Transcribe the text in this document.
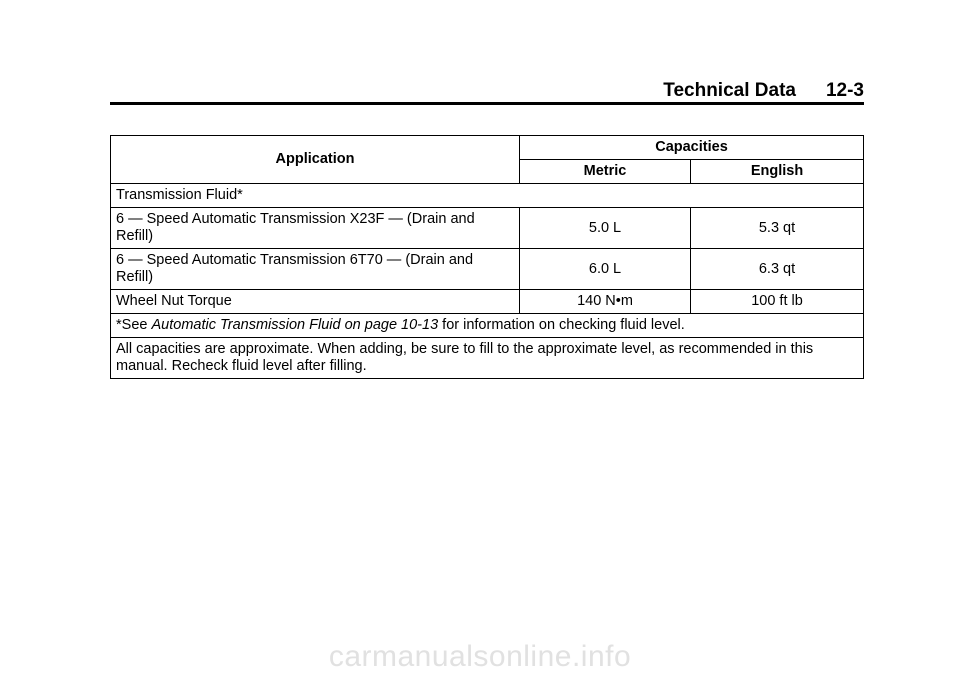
Technical Data 12-3
Application	Capacities	
	Metric	English
Transmission Fluid*		
6 — Speed Automatic Transmission X23F — (Drain and Refill)	5.0 L	5.3 qt
6 — Speed Automatic Transmission 6T70 — (Drain and Refill)	6.0 L	6.3 qt
Wheel Nut Torque	140 N•m	100 ft lb
*See Automatic Transmission Fluid on page 10-13 for information on checking fluid level.		
All capacities are approximate. When adding, be sure to fill to the approximate level, as recommended in this manual. Recheck fluid level after filling.		
carmanualsonline.info
